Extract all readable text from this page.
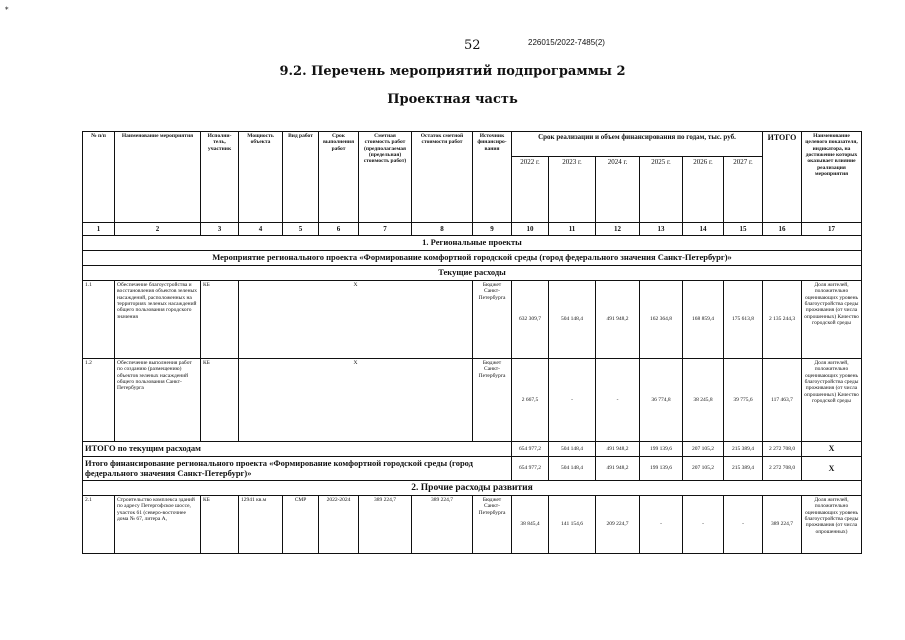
*
52	226015/2022-7485(2)
9.2. Перечень мероприятий подпрограммы 2
Проектная часть
№ п/п	Наименование мероприятия	Исполни-тель, участник	Мощность объекта	Вид работ	Срок выполнения работ	Сметная стоимость работ (предполагаемая (предельная) стоимость работ)	Остаток сметной стоимости работ	Источник финансиро-вания	Срок реализации и объем финансирования по годам, тыс. руб.						ИТОГО	Наименование целевого показателя, индикатора, на достижение которых оказывает влияние реализация мероприятия
									2022 г.	2023 г.	2024 г.	2025 г.	2026 г.	2027 г.		
1	2	3	4	5	6	7	8	9	10	11	12	13	14	15	16	17
1. Региональные проекты																
Мероприятие регионального проекта «Формирование комфортной городской среды (город федерального значения Санкт-Петербург)»																
Текущие расходы																
1.1	Обеспечение благоустройства и восстановления объектов зеленых насаждений, расположенных на территориях зеленых насаждений общего пользования городского значения	КБ	Х					Бюджет Санкт-Петербурга	632 309,7	504 148,4	491 948,2	162 364,8	168 859,4	175 613,8	2 135 244,3	Доля жителей, положительно оценивающих уровень благоустройства среды проживания (от числа опрошенных) Качество городской среды
1.2	Обеспечение выполнения работ по созданию (размещению) объектов зеленых насаждений общего пользования Санкт-Петербурга	КБ	Х					Бюджет Санкт-Петербурга	2 667,5	-	-	36 774,8	38 245,8	39 775,6	117 463,7	Доля жителей, положительно оценивающих уровень благоустройства среды проживания (от числа опрошенных) Качество городской среды
ИТОГО по текущим расходам									654 977,2	504 148,4	491 948,2	199 139,6	207 105,2	215 389,4	2 272 708,0	Х
Итого финансирование регионального проекта «Формирование комфортной городской среды (город федерального значения Санкт-Петербург)»									654 977,2	504 148,4	491 948,2	199 139,6	207 105,2	215 389,4	2 272 708,0	Х
2. Прочие расходы развития																
2.1	Строительство комплекса зданий по адресу Петергофское шоссе, участок 61 (северо-восточнее дома № 67, литера А,	КБ	12941 кв.м	СМР	2022-2024	389 224,7	389 224,7	Бюджет Санкт-Петербурга	38 845,4	141 154,6	209 224,7	-	-	-	389 224,7	Доля жителей, положительно оценивающих уровень благоустройства среды проживания (от числа опрошенных)
